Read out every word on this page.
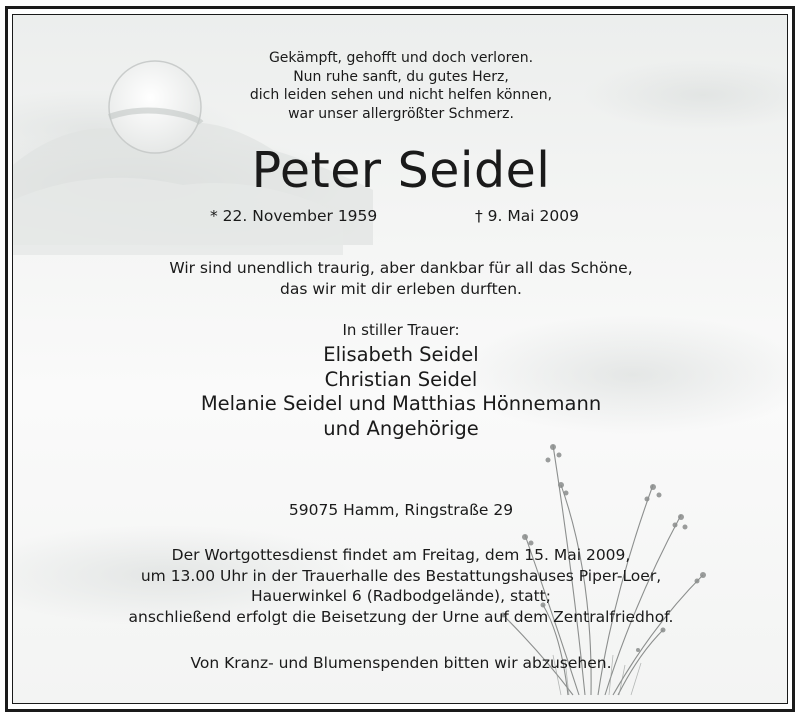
Gekämpft, gehofft und doch verloren.
Nun ruhe sanft, du gutes Herz,
dich leiden sehen und nicht helfen können,
war unser allergrößter Schmerz.
Peter Seidel
* 22. November 1959	† 9. Mai 2009
Wir sind unendlich traurig, aber dankbar für all das Schöne,
das wir mit dir erleben durften.
In stiller Trauer:
Elisabeth Seidel
Christian Seidel
Melanie Seidel und Matthias Hönnemann
und Angehörige
59075 Hamm, Ringstraße 29
Der Wortgottesdienst findet am Freitag, dem 15. Mai 2009,
um 13.00 Uhr in der Trauerhalle des Bestattungshauses Piper-Loer,
Hauerwinkel 6 (Radbodgelände), statt;
anschließend erfolgt die Beisetzung der Urne auf dem Zentralfriedhof.
Von Kranz- und Blumenspenden bitten wir abzusehen.
